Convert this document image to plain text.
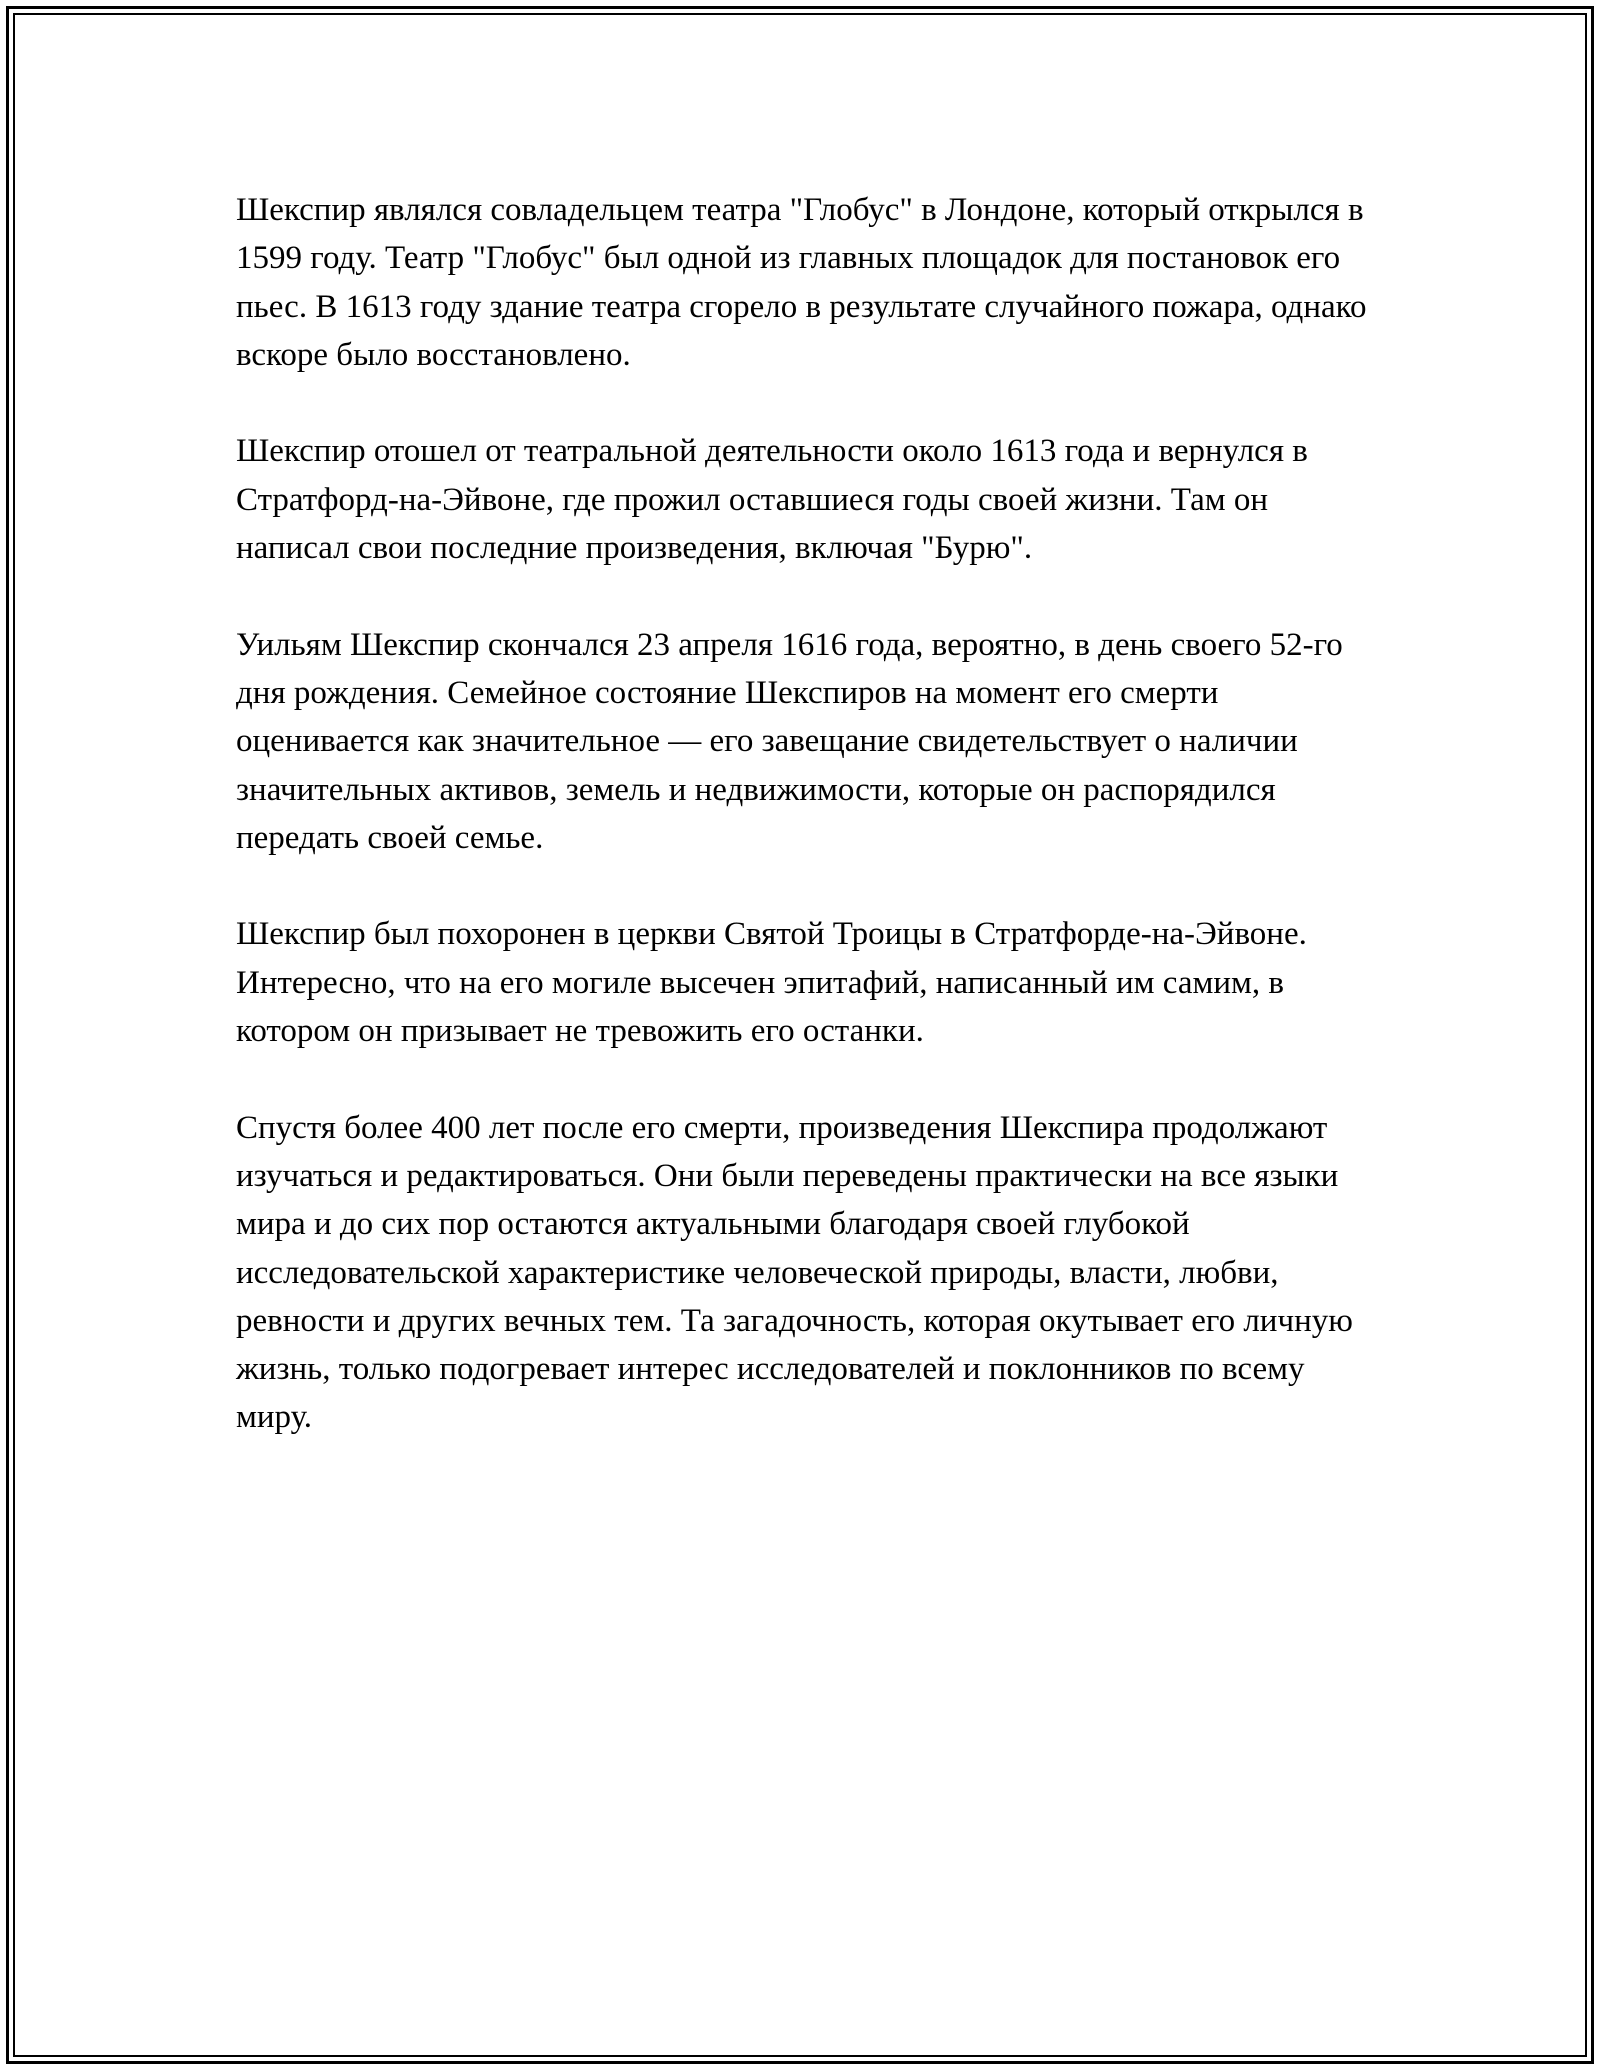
Шекспир являлся совладельцем театра "Глобус" в Лондоне, который открылся в 1599 году. Театр "Глобус" был одной из главных площадок для постановок его пьес. В 1613 году здание театра сгорело в результате случайного пожара, однако вскоре было восстановлено.

Шекспир отошел от театральной деятельности около 1613 года и вернулся в Стратфорд-на-Эйвоне, где прожил оставшиеся годы своей жизни. Там он написал свои последние произведения, включая "Бурю".

Уильям Шекспир скончался 23 апреля 1616 года, вероятно, в день своего 52-го дня рождения. Семейное состояние Шекспиров на момент его смерти оценивается как значительное — его завещание свидетельствует о наличии значительных активов, земель и недвижимости, которые он распорядился передать своей семье.

Шекспир был похоронен в церкви Святой Троицы в Стратфорде-на-Эйвоне. Интересно, что на его могиле высечен эпитафий, написанный им самим, в котором он призывает не тревожить его останки.

Спустя более 400 лет после его смерти, произведения Шекспира продолжают изучаться и редактироваться. Они были переведены практически на все языки мира и до сих пор остаются актуальными благодаря своей глубокой исследовательской характеристике человеческой природы, власти, любви, ревности и других вечных тем. Та загадочность, которая окутывает его личную жизнь, только подогревает интерес исследователей и поклонников по всему миру.
